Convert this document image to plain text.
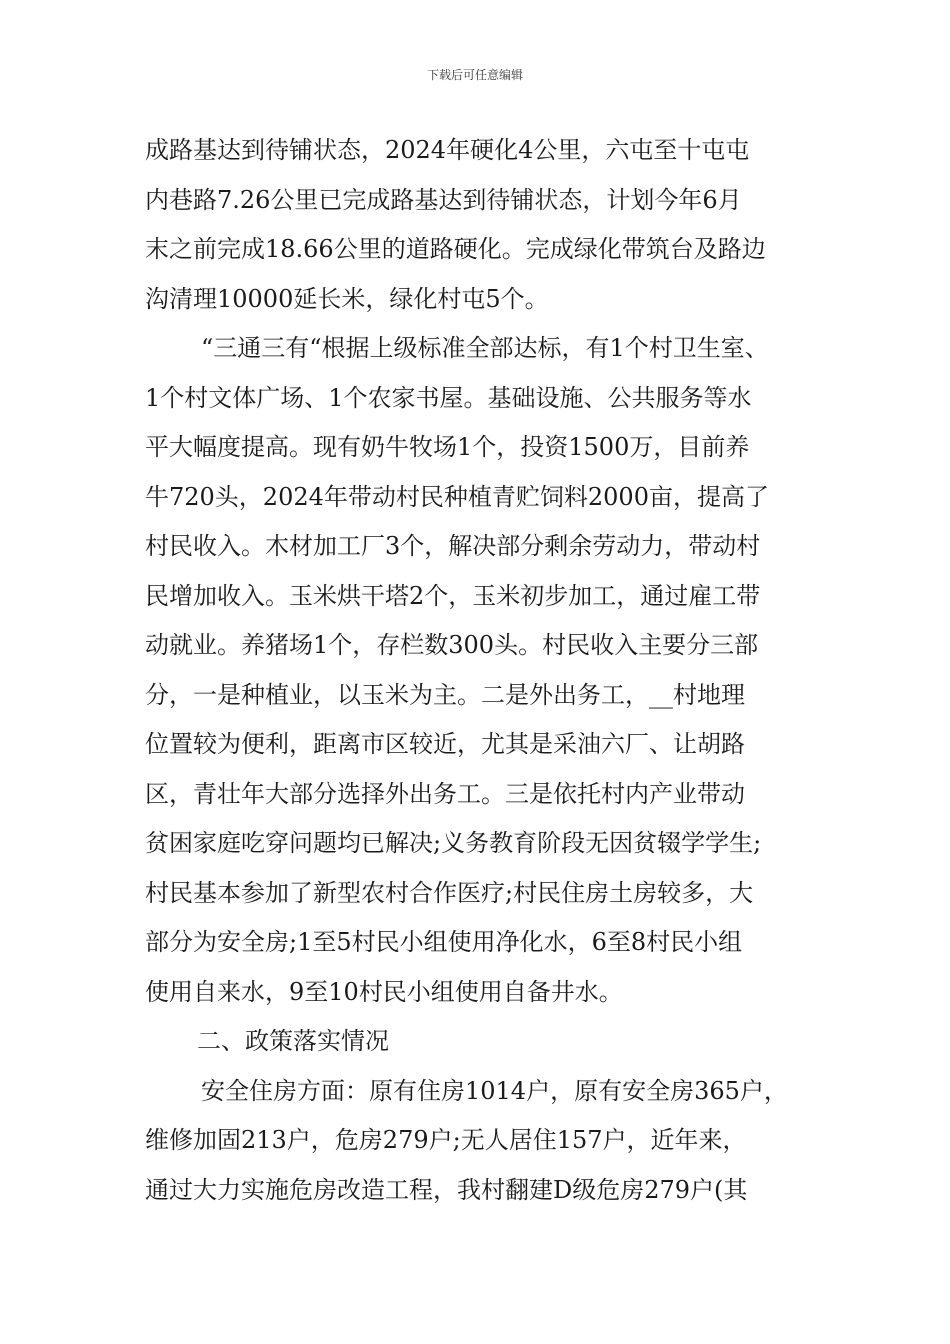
下载后可任意编辑
成路基达到待铺状态，2024年硬化4公里，六屯至十屯屯
内巷路7.26公里已完成路基达到待铺状态，计划今年6月
末之前完成18.66公里的道路硬化。完成绿化带筑台及路边
沟清理10000延长米，绿化村屯5个。
“三通三有“根据上级标准全部达标，有1个村卫生室、
1个村文体广场、1个农家书屋。基础设施、公共服务等水
平大幅度提高。现有奶牛牧场1个，投资1500万，目前养
牛720头，2024年带动村民种植青贮饲料2000亩，提高了
村民收入。木材加工厂3个，解决部分剩余劳动力，带动村
民增加收入。玉米烘干塔2个，玉米初步加工，通过雇工带
动就业。养猪场1个，存栏数300头。村民收入主要分三部
分，一是种植业，以玉米为主。二是外出务工，__村地理
位置较为便利，距离市区较近，尤其是采油六厂、让胡路
区，青壮年大部分选择外出务工。三是依托村内产业带动
贫困家庭吃穿问题均已解决;义务教育阶段无因贫辍学学生;
村民基本参加了新型农村合作医疗;村民住房土房较多，大
部分为安全房;1至5村民小组使用净化水，6至8村民小组
使用自来水，9至10村民小组使用自备井水。
二、政策落实情况
安全住房方面：原有住房1014户，原有安全房365户，
维修加固213户，危房279户;无人居住157户，近年来，
通过大力实施危房改造工程，我村翻建D级危房279户(其
